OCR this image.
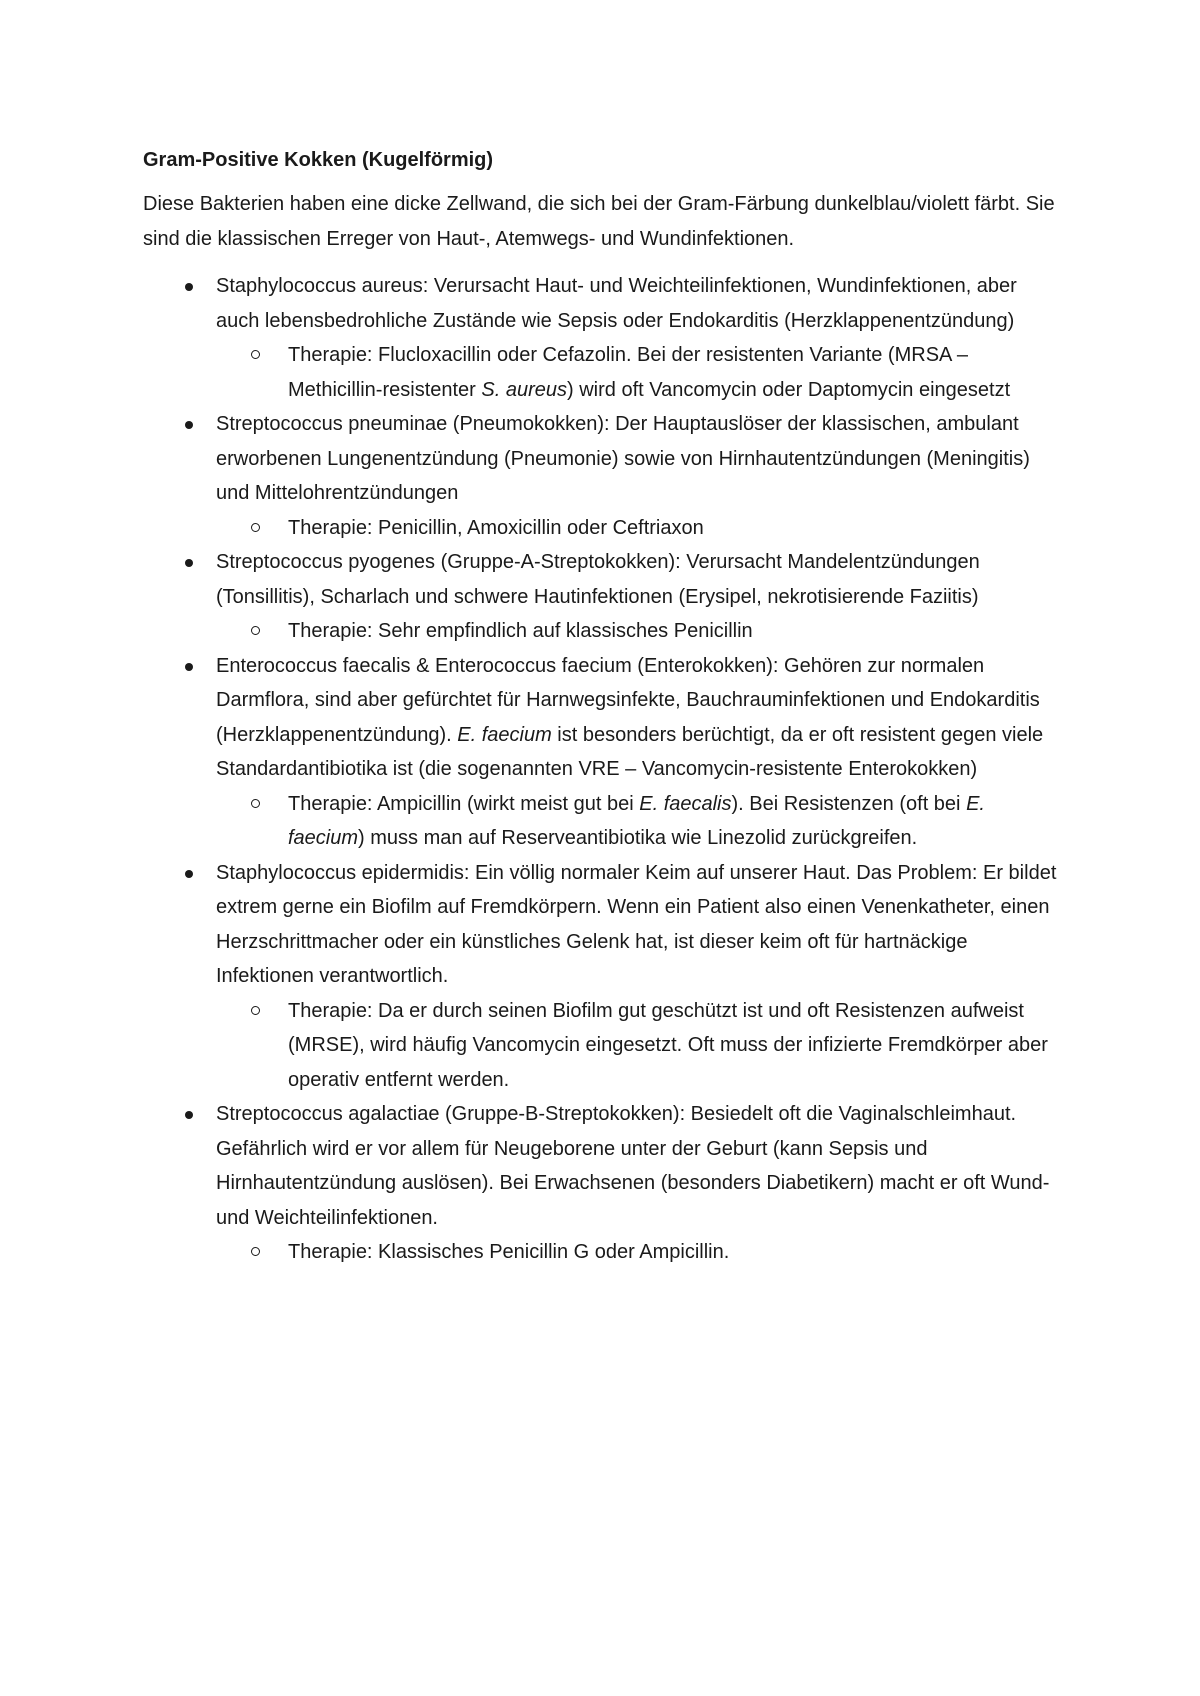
Gram-Positive Kokken (Kugelförmig)
Diese Bakterien haben eine dicke Zellwand, die sich bei der Gram-Färbung dunkelblau/violett färbt. Sie sind die klassischen Erreger von Haut-, Atemwegs- und Wundinfektionen.
Staphylococcus aureus: Verursacht Haut- und Weichteilinfektionen, Wundinfektionen, aber auch lebensbedrohliche Zustände wie Sepsis oder Endokarditis (Herzklappenentzündung)
Therapie: Flucloxacillin oder Cefazolin. Bei der resistenten Variante (MRSA – Methicillin-resistenter S. aureus) wird oft Vancomycin oder Daptomycin eingesetzt
Streptococcus pneuminae (Pneumokokken): Der Hauptauslöser der klassischen, ambulant erworbenen Lungenentzündung (Pneumonie) sowie von Hirnhautentzündungen (Meningitis) und Mittelohrentzündungen
Therapie: Penicillin, Amoxicillin oder Ceftriaxon
Streptococcus pyogenes (Gruppe-A-Streptokokken): Verursacht Mandelentzündungen (Tonsillitis), Scharlach und schwere Hautinfektionen (Erysipel, nekrotisierende Faziitis)
Therapie: Sehr empfindlich auf klassisches Penicillin
Enterococcus faecalis & Enterococcus faecium (Enterokokken): Gehören zur normalen Darmflora, sind aber gefürchtet für Harnwegsinfekte, Bauchrauminfektionen und Endokarditis (Herzklappenentzündung). E. faecium ist besonders berüchtigt, da er oft resistent gegen viele Standardantibiotika ist (die sogenannten VRE – Vancomycin-resistente Enterokokken)
Therapie: Ampicillin (wirkt meist gut bei E. faecalis). Bei Resistenzen (oft bei E. faecium) muss man auf Reserveantibiotika wie Linezolid zurückgreifen.
Staphylococcus epidermidis: Ein völlig normaler Keim auf unserer Haut. Das Problem: Er bildet extrem gerne ein Biofilm auf Fremdkörpern. Wenn ein Patient also einen Venenkatheter, einen Herzschrittmacher oder ein künstliches Gelenk hat, ist dieser keim oft für hartnäckige Infektionen verantwortlich.
Therapie: Da er durch seinen Biofilm gut geschützt ist und oft Resistenzen aufweist (MRSE), wird häufig Vancomycin eingesetzt. Oft muss der infizierte Fremdkörper aber operativ entfernt werden.
Streptococcus agalactiae (Gruppe-B-Streptokokken): Besiedelt oft die Vaginalschleimhaut. Gefährlich wird er vor allem für Neugeborene unter der Geburt (kann Sepsis und Hirnhautentzündung auslösen). Bei Erwachsenen (besonders Diabetikern) macht er oft Wund- und Weichteilinfektionen.
Therapie: Klassisches Penicillin G oder Ampicillin.
